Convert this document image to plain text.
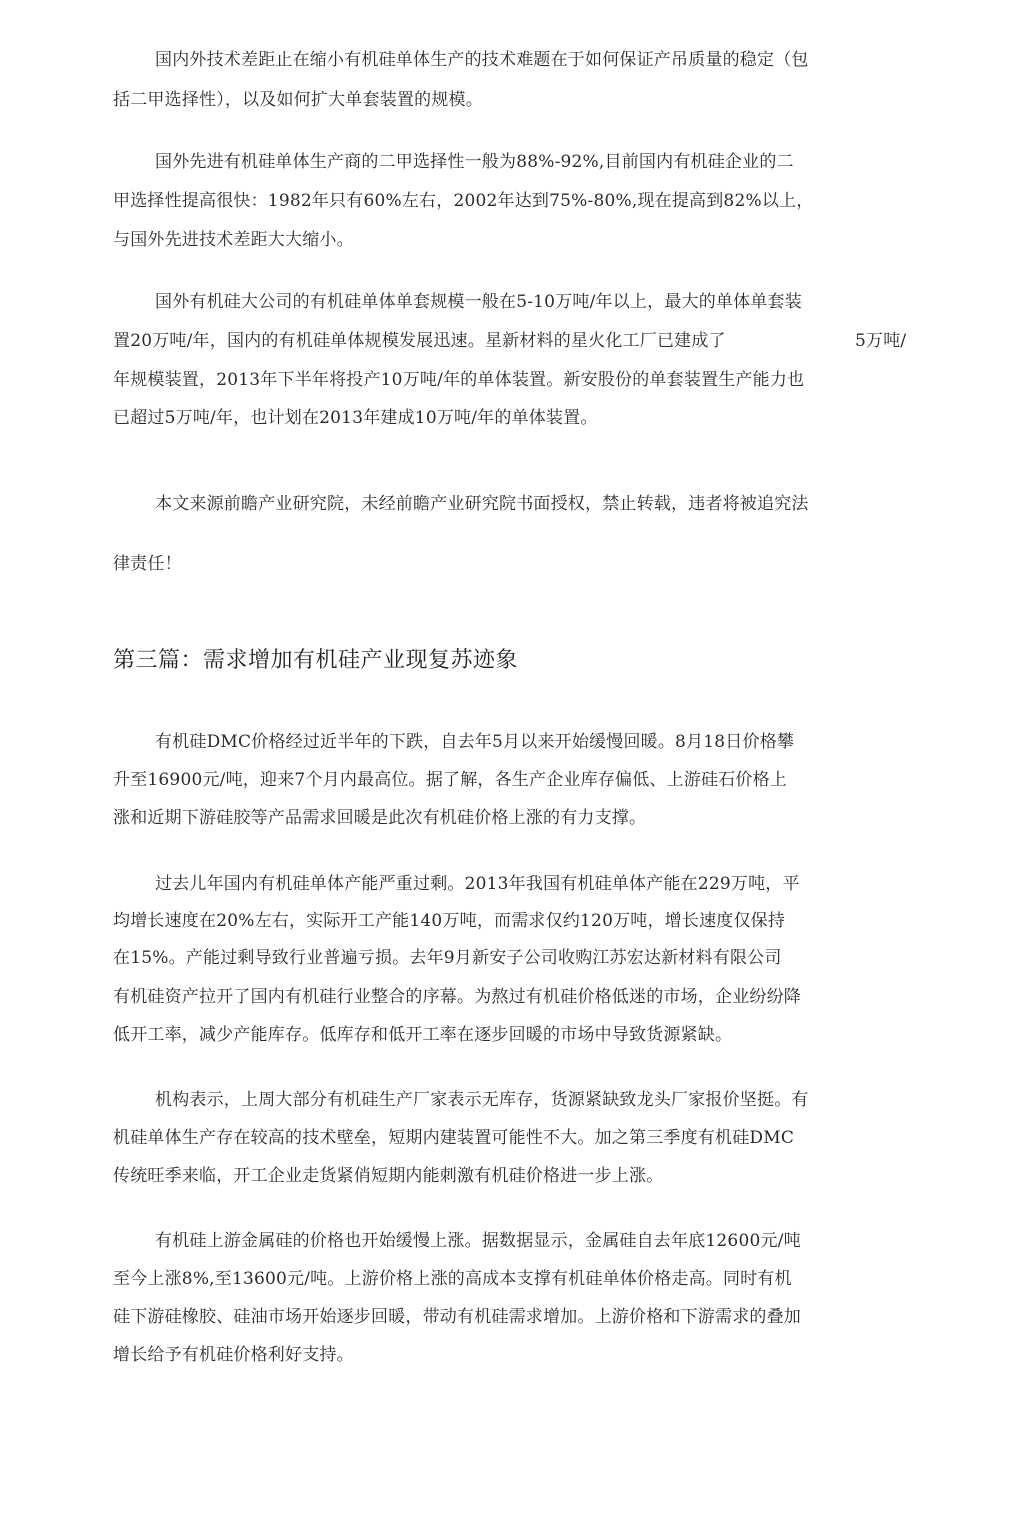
国内外技术差距止在缩小有机硅单体生产的技术难题在于如何保证产吊质量的稳定（包
括二甲选择性），以及如何扩大单套装置的规模。
国外先进有机硅单体生产商的二甲选择性一般为88%-92%,目前国内有机硅企业的二
甲选择性提高很快：1982年只有60%左右，2002年达到75%-80%,现在提高到82%以上，
与国外先进技术差距大大缩小。
国外有机硅大公司的有机硅单体单套规模一般在5-10万吨/年以上，最大的单体单套装
置20万吨/年，国内的有机硅单体规模发展迅速。星新材料的星火化工厂已建成了	5万吨/
年规模装置，2013年下半年将投产10万吨/年的单体装置。新安股份的单套装置生产能力也
已超过5万吨/年，也计划在2013年建成10万吨/年的单体装置。
本文来源前瞻产业研究院，未经前瞻产业研究院书面授权，禁止转载，违者将被追究法
律责任！
第三篇：需求增加有机硅产业现复苏迹象
有机硅DMC价格经过近半年的下跌，自去年5月以来开始缓慢回暖。8月18日价格攀
升至16900元/吨，迎来7个月内最高位。据了解，各生产企业库存偏低、上游硅石价格上
涨和近期下游硅胶等产品需求回暖是此次有机硅价格上涨的有力支撑。
过去儿年国内有机硅单体产能严重过剩。2013年我国有机硅单体产能在229万吨，平
均增长速度在20%左右，实际开工产能140万吨，而需求仅约120万吨，增长速度仅保持
在15%。产能过剩导致行业普遍亏损。去年9月新安子公司收购江苏宏达新材料有限公司
有机硅资产拉开了国内有机硅行业整合的序幕。为熬过有机硅价格低迷的市场，企业纷纷降
低开工率，减少产能库存。低库存和低开工率在逐步回暖的市场中导致货源紧缺。
机构表示，上周大部分有机硅生产厂家表示无库存，货源紧缺致龙头厂家报价坚挺。有
机硅单体生产存在较高的技术壁垒，短期内建装置可能性不大。加之第三季度有机硅DMC
传统旺季来临，开工企业走货紧俏短期内能刺激有机硅价格进一步上涨。
有机硅上游金属硅的价格也开始缓慢上涨。据数据显示，金属硅自去年底12600元/吨
至今上涨8%,至13600元/吨。上游价格上涨的高成本支撑有机硅单体价格走高。同时有机
硅下游硅橡胶、硅油市场开始逐步回暖，带动有机硅需求增加。上游价格和下游需求的叠加
增长给予有机硅价格利好支持。
